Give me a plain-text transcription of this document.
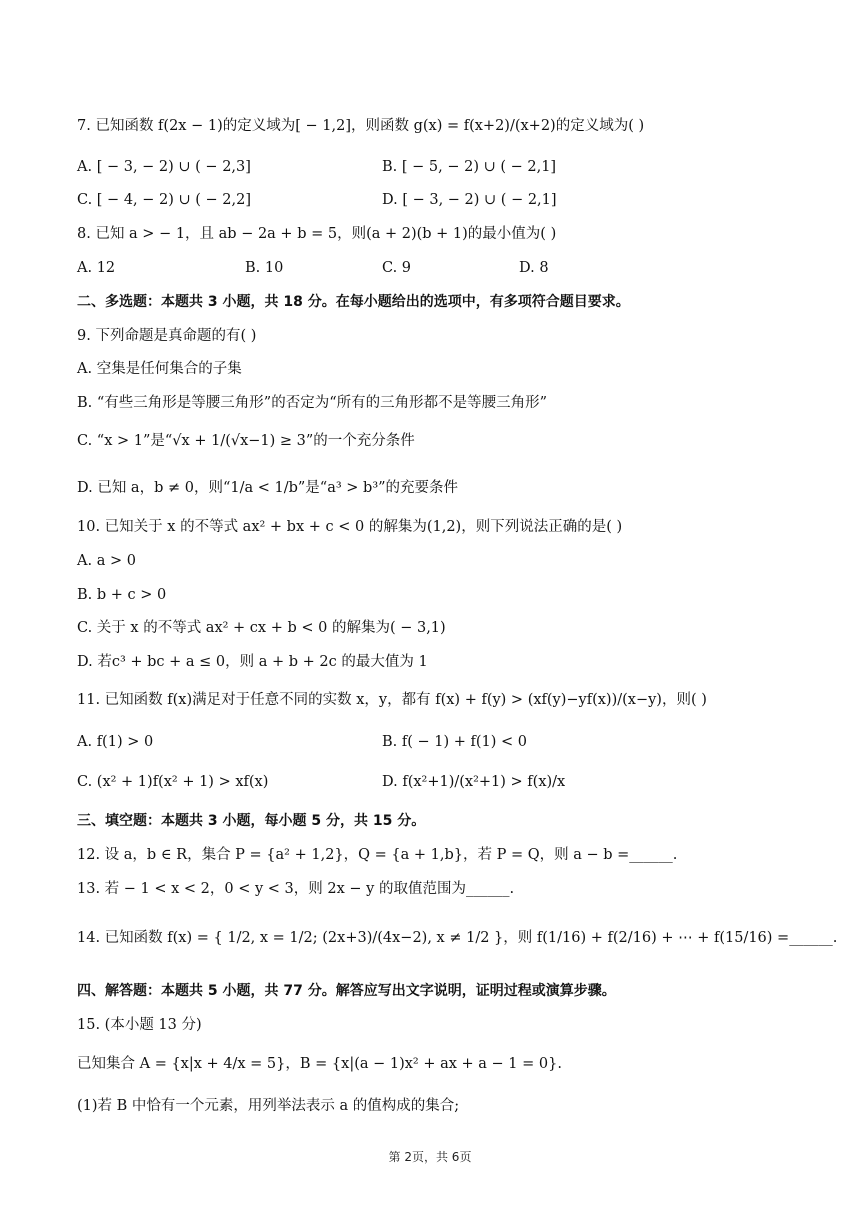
7. 已知函数 f(2x − 1)的定义域为[ − 1,2]，则函数 g(x) = f(x+2)/(x+2)的定义域为( )
A. [ − 3, − 2) ∪ ( − 2,3]	B. [ − 5, − 2) ∪ ( − 2,1]
C. [ − 4, − 2) ∪ ( − 2,2]	D. [ − 3, − 2) ∪ ( − 2,1]
8. 已知 a > − 1，且 ab − 2a + b = 5，则(a + 2)(b + 1)的最小值为( )
A. 12	B. 10	C. 9	D. 8
二、多选题：本题共 3 小题，共 18 分。在每小题给出的选项中，有多项符合题目要求。
9. 下列命题是真命题的有( )
A. 空集是任何集合的子集
B. “有些三角形是等腰三角形”的否定为“所有的三角形都不是等腰三角形”
C. “x > 1”是“√x + 1/(√x−1) ≥ 3”的一个充分条件
D. 已知 a，b ≠ 0，则“1/a < 1/b”是“a³ > b³”的充要条件
10. 已知关于 x 的不等式 ax² + bx + c < 0 的解集为(1,2)，则下列说法正确的是( )
A. a > 0
B. b + c > 0
C. 关于 x 的不等式 ax² + cx + b < 0 的解集为( − 3,1)
D. 若c³ + bc + a ≤ 0，则 a + b + 2c 的最大值为 1
11. 已知函数 f(x)满足对于任意不同的实数 x，y，都有 f(x) + f(y) > (xf(y)−yf(x))/(x−y)，则( )
A. f(1) > 0	B. f( − 1) + f(1) < 0
C. (x² + 1)f(x² + 1) > xf(x)	D. f(x²+1)/(x²+1) > f(x)/x
三、填空题：本题共 3 小题，每小题 5 分，共 15 分。
12. 设 a，b ∈ R，集合 P = {a² + 1,2}，Q = {a + 1,b}，若 P = Q，则 a − b =______.
13. 若 − 1 < x < 2，0 < y < 3，则 2x − y 的取值范围为______.
14. 已知函数 f(x) = { 1/2, x = 1/2; (2x+3)/(4x−2), x ≠ 1/2 }，则 f(1/16) + f(2/16) + ⋯ + f(15/16) =______.
四、解答题：本题共 5 小题，共 77 分。解答应写出文字说明，证明过程或演算步骤。
15. (本小题 13 分)
已知集合 A = {x|x + 4/x = 5}，B = {x|(a − 1)x² + ax + a − 1 = 0}.
(1)若 B 中恰有一个元素，用列举法表示 a 的值构成的集合;
第 2页，共 6页
